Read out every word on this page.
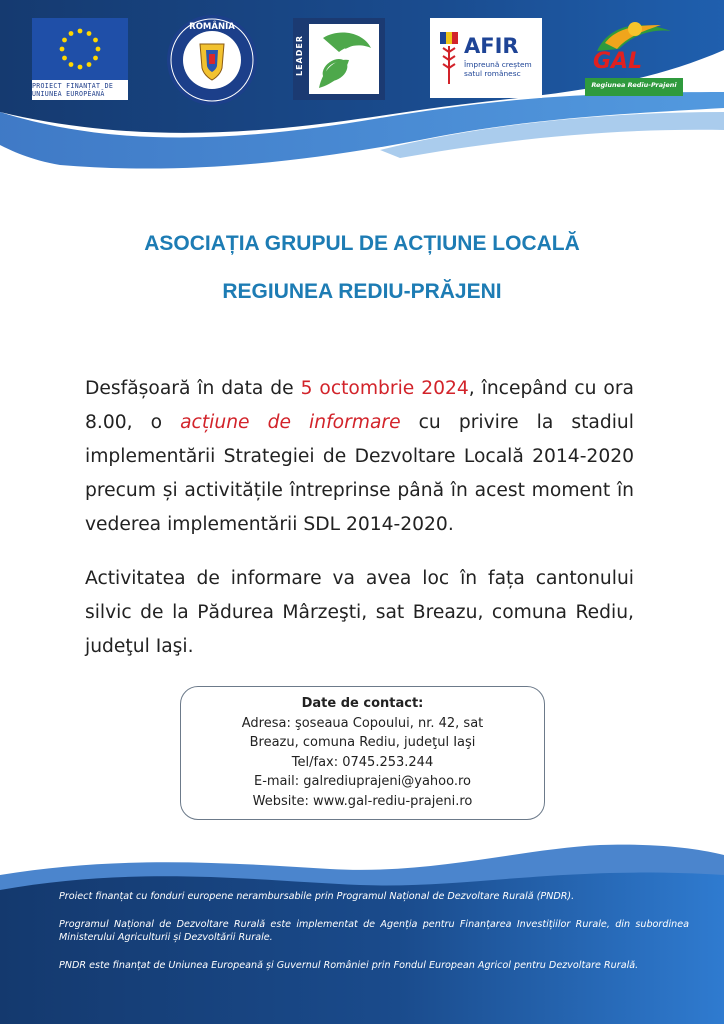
PROIECT FINANȚAT DE
UNIUNEA EUROPEANĂ
ROMÂNIA
LEADER	AFIR
Împreună creștem
satul românesc	GAL
Regiunea Rediu-Prajeni
ASOCIAȚIA GRUPUL DE ACȚIUNE LOCALĂ
REGIUNEA REDIU-PRĂJENI
Desfășoară în data de 5 octombrie 2024, începând cu ora 8.00, o acțiune de informare cu privire la stadiul implementării Strategiei de Dezvoltare Locală 2014-2020 precum și activitățile întreprinse până în acest moment în vederea implementării SDL 2014-2020.
Activitatea de informare va avea loc în fața cantonului silvic de la Pădurea Mârzeşti, sat Breazu, comuna Rediu, judeţul Iaşi.
Date de contact:
Adresa: şoseaua Copoului, nr. 42, sat
Breazu, comuna Rediu, judeţul Iaşi
Tel/fax: 0745.253.244
E-mail: galrediuprajeni@yahoo.ro
Website: www.gal-rediu-prajeni.ro
Proiect finanțat cu fonduri europene nerambursabile prin Programul Național de Dezvoltare Rurală (PNDR).
Programul Național de Dezvoltare Rurală este implementat de Agenția pentru Finanțarea Investițiilor Rurale, din subordinea Ministerului Agriculturii și Dezvoltării Rurale.
PNDR este finanțat de Uniunea Europeană și Guvernul României prin Fondul European Agricol pentru Dezvoltare Rurală.
